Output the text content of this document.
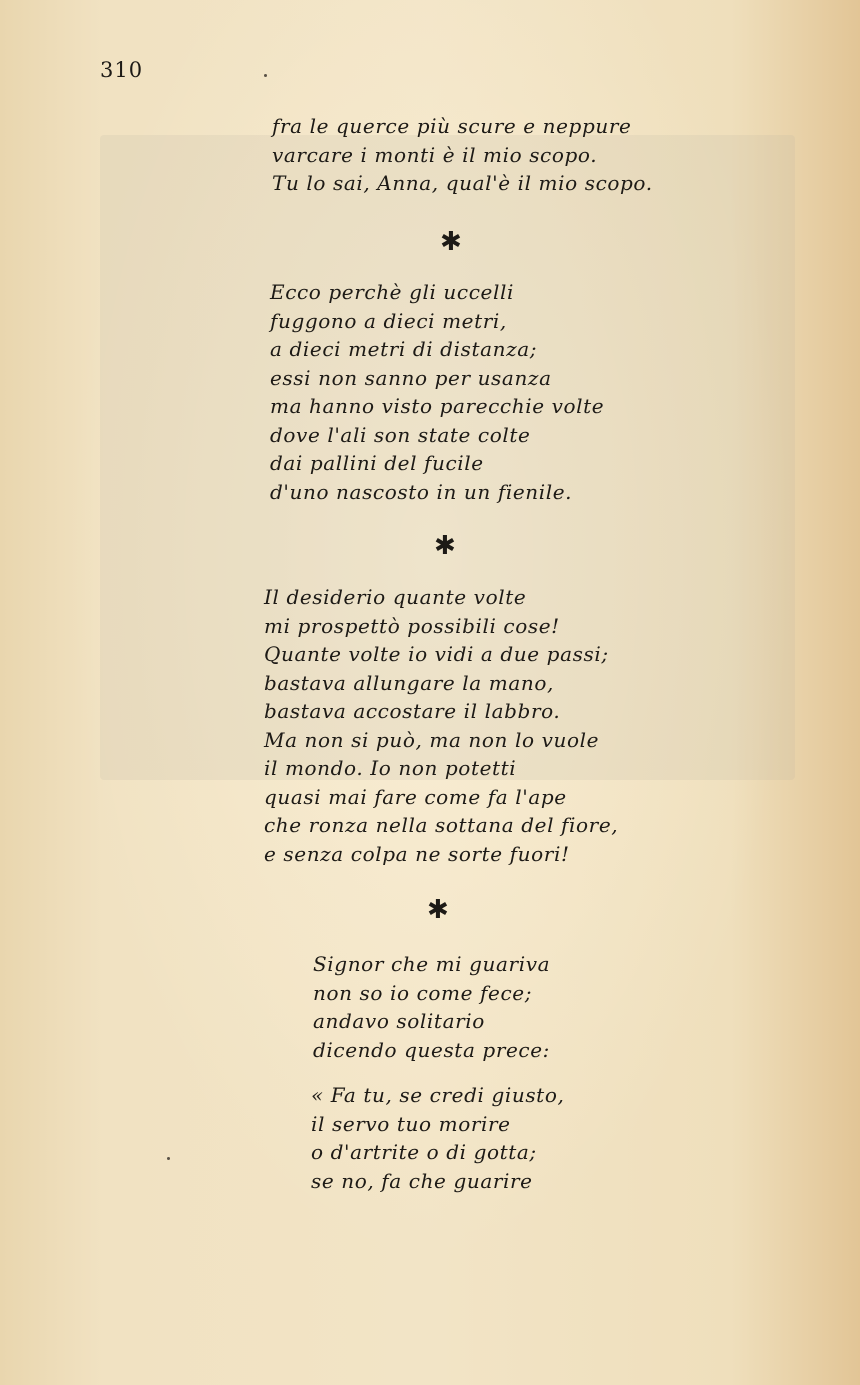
310
fra le querce più scure e neppure
varcare i monti è il mio scopo.
Tu lo sai, Anna, qual'è il mio scopo.
✱
Ecco perchè gli uccelli
fuggono a dieci metri,
a dieci metri di distanza;
essi non sanno per usanza
ma hanno visto parecchie volte
dove l'ali son state colte
dai pallini del fucile
d'uno nascosto in un fienile.
✱
Il desiderio quante volte
mi prospettò possibili cose!
Quante volte io vidi a due passi;
bastava allungare la mano,
bastava accostare il labbro.
Ma non si può, ma non lo vuole
il mondo. Io non potetti
quasi mai fare come fa l'ape
che ronza nella sottana del fiore,
e senza colpa ne sorte fuori!
✱
Signor che mi guariva
non so io come fece;
andavo solitario
dicendo questa prece:
« Fa tu, se credi giusto,
il servo tuo morire
o d'artrite o di gotta;
se no, fa che guarire
